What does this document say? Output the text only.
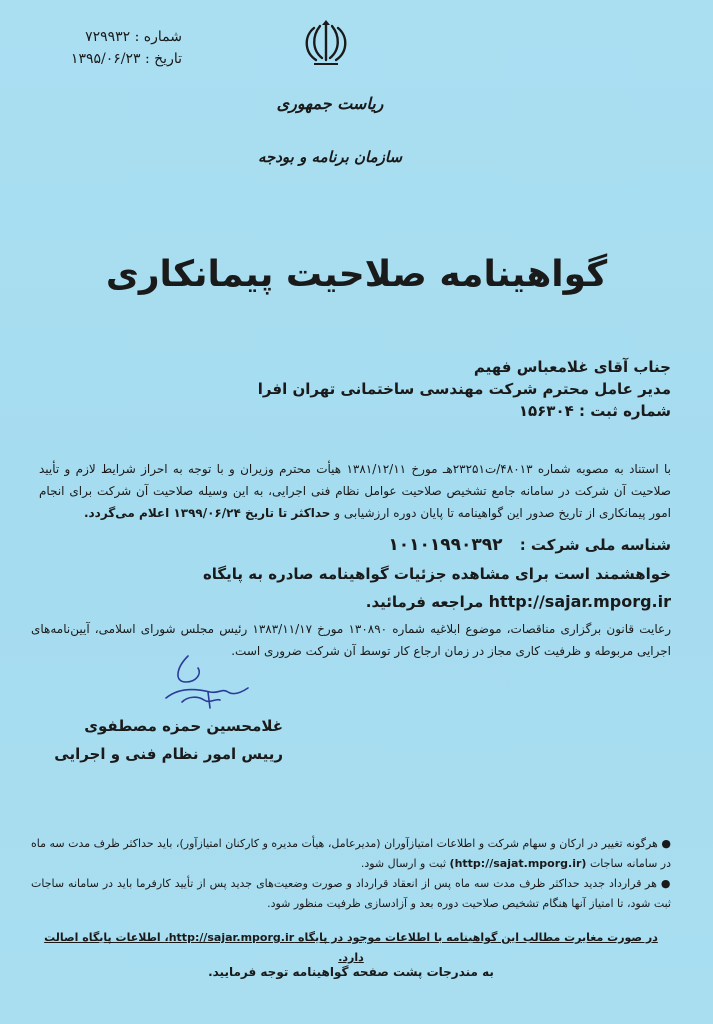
شماره : ۷۲۹۹۳۲
تاریخ : ۱۳۹۵/۰۶/۲۳
ریاست جمهوری
سازمان برنامه و بودجه
گواهینامه صلاحیت پیمانکاری
جناب آقای غلامعباس فهیم
مدیر عامل محترم شرکت مهندسی ساختمانی تهران افرا
شماره ثبت : ۱۵۶۳۰۴
با استناد به مصوبه شماره ۴۸۰۱۳/ت۲۳۲۵۱هـ مورخ ۱۳۸۱/۱۲/۱۱ هیأت محترم وزیران و با توجه به احراز شرایط لازم و تأیید صلاحیت آن شرکت در سامانه جامع تشخیص صلاحیت عوامل نظام فنی اجرایی، به این وسیله صلاحیت آن شرکت برای انجام امور پیمانکاری از تاریخ صدور این گواهینامه تا پایان دوره ارزشیابی و حداکثر تا تاریخ ۱۳۹۹/۰۶/۲۴ اعلام می‌گردد.
شناسه ملی شرکت : ۱۰۱۰۱۹۹۰۳۹۲
خواهشمند است برای مشاهده جزئیات گواهینامه صادره به پایگاه
http://sajar.mporg.ir مراجعه فرمائید.
رعایت قانون برگزاری مناقصات، موضوع ابلاغیه شماره ۱۳۰۸۹۰ مورخ ۱۳۸۳/۱۱/۱۷ رئیس مجلس شورای اسلامی، آیین‌نامه‌های اجرایی مربوطه و ظرفیت کاری مجاز در زمان ارجاع کار توسط آن شرکت ضروری است.
غلامحسین حمزه مصطفوی
رییس امور نظام فنی و اجرایی

● هرگونه تغییر در ارکان و سهام شرکت و اطلاعات امتیازآوران (مدیرعامل، هیأت مدیره و کارکنان امتیازآور)، باید حداکثر ظرف مدت سه ماه در سامانه ساجات (http://sajat.mporg.ir) ثبت و ارسال شود.

● هر قرارداد جدید حداکثر ظرف مدت سه ماه پس از انعقاد قرارداد و صورت وضعیت‌های جدید پس از تأیید کارفرما باید در سامانه ساجات ثبت شود، تا امتیاز آنها هنگام تشخیص صلاحیت دوره بعد و آزادسازی ظرفیت منظور شود.

در صورت مغایرت مطالب این گواهینامه با اطلاعات موجود در پایگاه http://sajar.mporg.ir، اطلاعات پایگاه اصالت دارد.
به مندرجات پشت صفحه گواهینامه توجه فرمایید.
